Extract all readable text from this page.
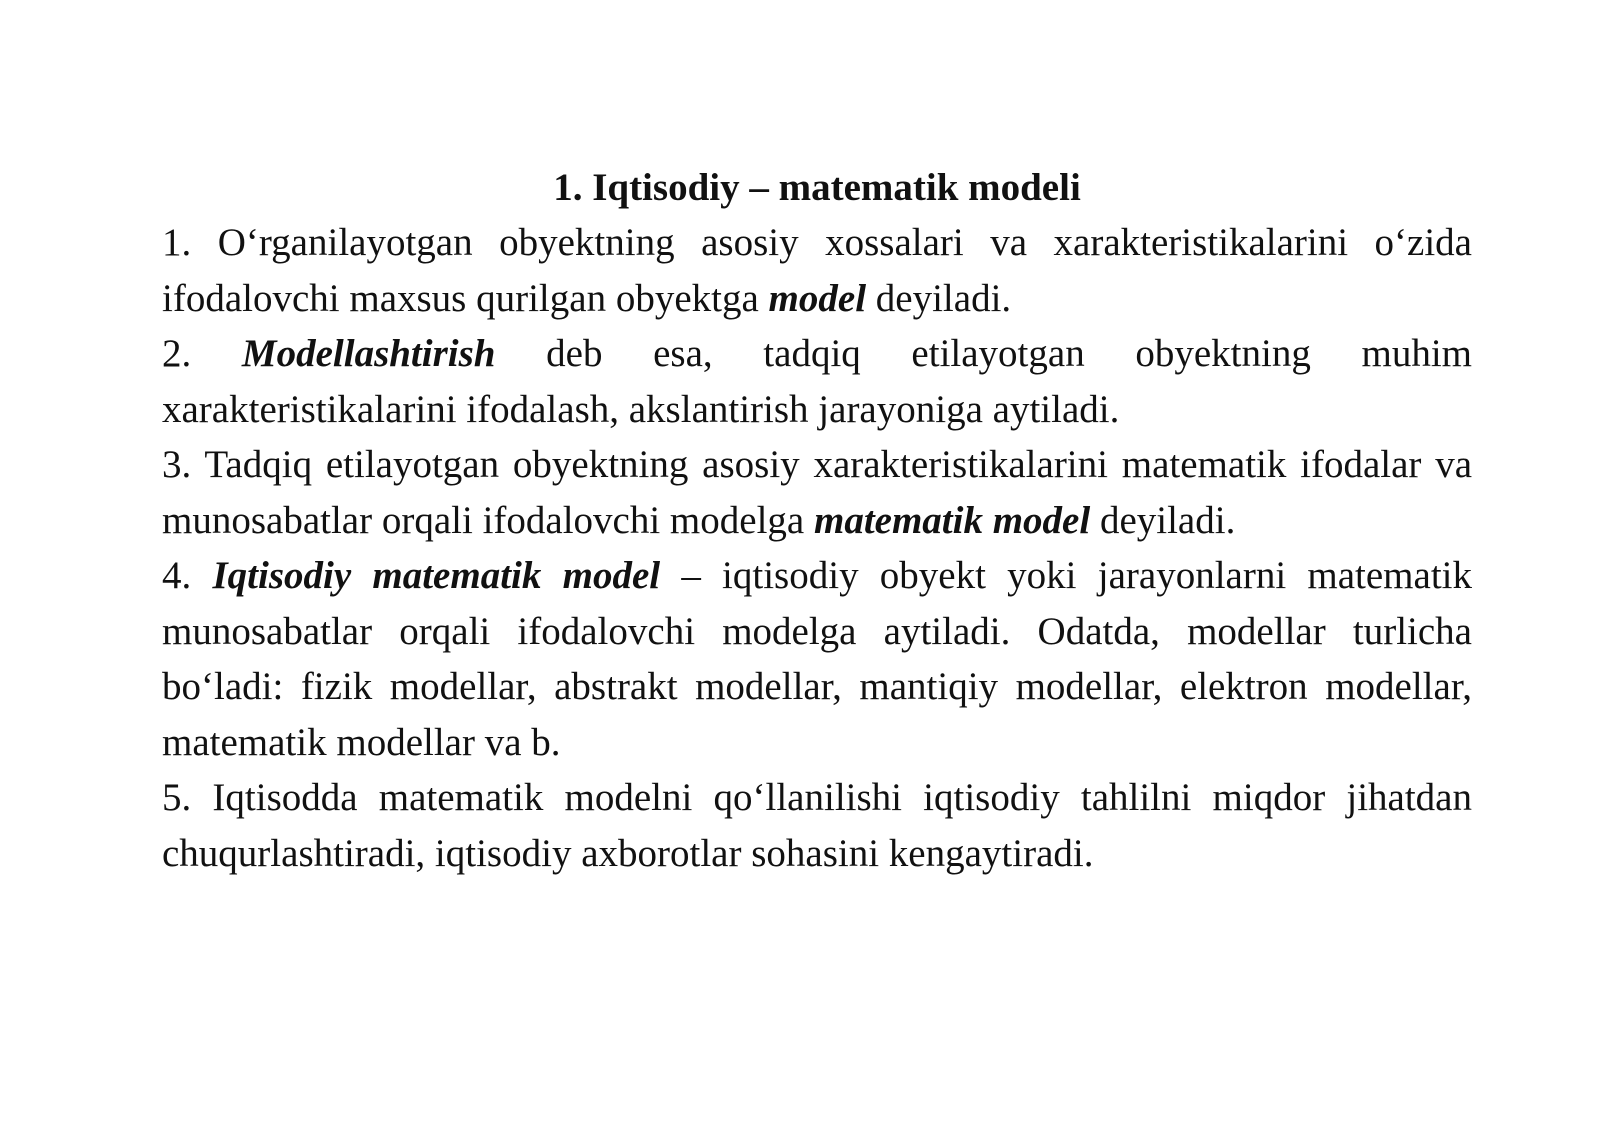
1. Iqtisodiy – matematik modeli

1. O‘rganilayotgan obyektning asosiy xossalari va xarakteristikalarini o‘zida ifodalovchi maxsus qurilgan obyektga model deyiladi.

2. Modellashtirish deb esa, tadqiq etilayotgan obyektning muhim xarakteristikalarini ifodalash, akslantirish jarayoniga aytiladi.

3. Tadqiq etilayotgan obyektning asosiy xarakteristikalarini matematik ifodalar va munosabatlar orqali ifodalovchi modelga matematik model deyiladi.

4. Iqtisodiy matematik model – iqtisodiy obyekt yoki jarayonlarni matematik munosabatlar orqali ifodalovchi modelga aytiladi. Odatda, modellar turlicha bo‘ladi: fizik modellar, abstrakt modellar, mantiqiy modellar, elektron modellar, matematik modellar va b.

5. Iqtisodda matematik modelni qo‘llanilishi iqtisodiy tahlilni miqdor jihatdan chuqurlashtiradi, iqtisodiy axborotlar sohasini kengaytiradi.
